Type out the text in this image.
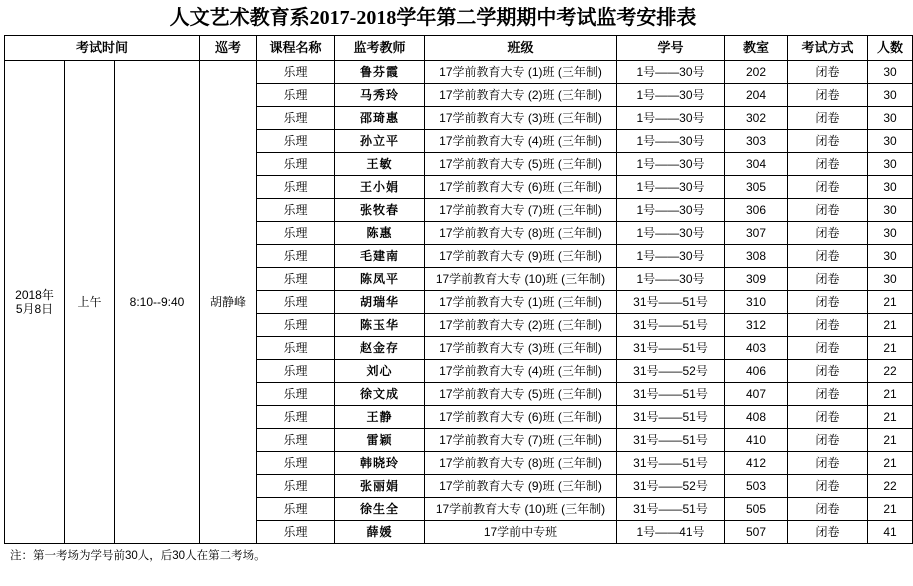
人文艺术教育系2017-2018学年第二学期期中考试监考安排表
考试时间			巡考	课程名称	监考教师	班级	学号	教室	考试方式	人数

2018年
5月8日	上午	8:10--9:40	胡静峰	乐理	鲁芬霞	17学前教育大专 (1)班 (三年制)	1号——30号	202	闭卷	30
				乐理	马秀玲	17学前教育大专 (2)班 (三年制)	1号——30号	204	闭卷	30
				乐理	邵琦惠	17学前教育大专 (3)班 (三年制)	1号——30号	302	闭卷	30
				乐理	孙立平	17学前教育大专 (4)班 (三年制)	1号——30号	303	闭卷	30
				乐理	王敏	17学前教育大专 (5)班 (三年制)	1号——30号	304	闭卷	30
				乐理	王小娟	17学前教育大专 (6)班 (三年制)	1号——30号	305	闭卷	30
				乐理	张牧春	17学前教育大专 (7)班 (三年制)	1号——30号	306	闭卷	30
				乐理	陈惠	17学前教育大专 (8)班 (三年制)	1号——30号	307	闭卷	30
				乐理	毛建南	17学前教育大专 (9)班 (三年制)	1号——30号	308	闭卷	30
				乐理	陈凤平	17学前教育大专 (10)班 (三年制)	1号——30号	309	闭卷	30
				乐理	胡瑞华	17学前教育大专 (1)班 (三年制)	31号——51号	310	闭卷	21
				乐理	陈玉华	17学前教育大专 (2)班 (三年制)	31号——51号	312	闭卷	21
				乐理	赵金存	17学前教育大专 (3)班 (三年制)	31号——51号	403	闭卷	21
				乐理	刘心	17学前教育大专 (4)班 (三年制)	31号——52号	406	闭卷	22
				乐理	徐文成	17学前教育大专 (5)班 (三年制)	31号——51号	407	闭卷	21
				乐理	王静	17学前教育大专 (6)班 (三年制)	31号——51号	408	闭卷	21
				乐理	雷颖	17学前教育大专 (7)班 (三年制)	31号——51号	410	闭卷	21
				乐理	韩晓玲	17学前教育大专 (8)班 (三年制)	31号——51号	412	闭卷	21
				乐理	张丽娟	17学前教育大专 (9)班 (三年制)	31号——52号	503	闭卷	22
				乐理	徐生全	17学前教育大专 (10)班 (三年制)	31号——51号	505	闭卷	21
				乐理	薛媛	17学前中专班	1号——41号	507	闭卷	41
注：第一考场为学号前30人，后30人在第二考场。
